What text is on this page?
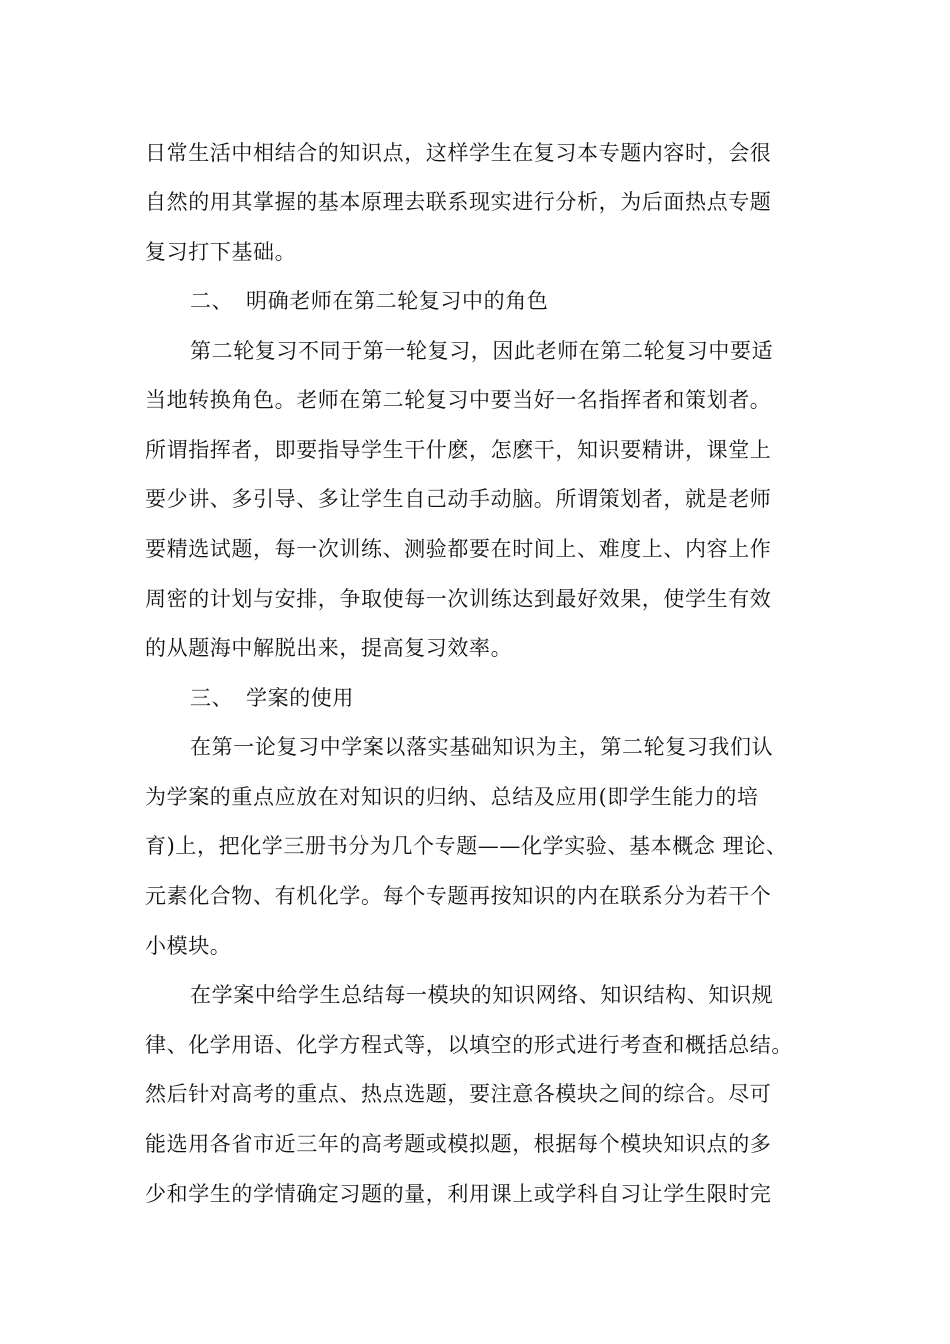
日常生活中相结合的知识点，这样学生在复习本专题内容时，会很
自然的用其掌握的基本原理去联系现实进行分析，为后面热点专题
复习打下基础。
二、 明确老师在第二轮复习中的角色
第二轮复习不同于第一轮复习，因此老师在第二轮复习中要适
当地转换角色。老师在第二轮复习中要当好一名指挥者和策划者。
所谓指挥者，即要指导学生干什麽，怎麽干，知识要精讲，课堂上
要少讲、多引导、多让学生自己动手动脑。所谓策划者，就是老师
要精选试题，每一次训练、测验都要在时间上、难度上、内容上作
周密的计划与安排，争取使每一次训练达到最好效果，使学生有效
的从题海中解脱出来，提高复习效率。
三、 学案的使用
在第一论复习中学案以落实基础知识为主，第二轮复习我们认
为学案的重点应放在对知识的归纳、总结及应用(即学生能力的培
育)上，把化学三册书分为几个专题——化学实验、基本概念 理论、
元素化合物、有机化学。每个专题再按知识的内在联系分为若干个
小模块。
在学案中给学生总结每一模块的知识网络、知识结构、知识规
律、化学用语、化学方程式等，以填空的形式进行考查和概括总结。
然后针对高考的重点、热点选题，要注意各模块之间的综合。尽可
能选用各省市近三年的高考题或模拟题，根据每个模块知识点的多
少和学生的学情确定习题的量，利用课上或学科自习让学生限时完
